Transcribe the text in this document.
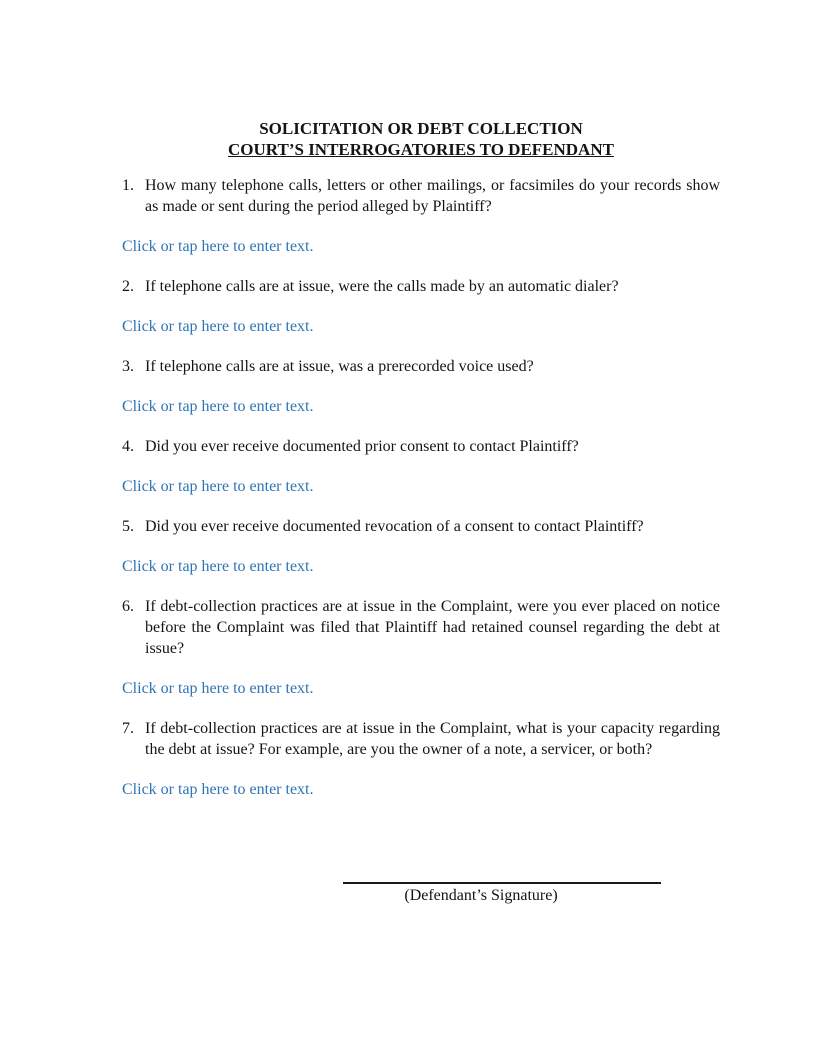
SOLICITATION OR DEBT COLLECTION
COURT’S INTERROGATORIES TO DEFENDANT
1. How many telephone calls, letters or other mailings, or facsimiles do your records show as made or sent during the period alleged by Plaintiff?
Click or tap here to enter text.
2. If telephone calls are at issue, were the calls made by an automatic dialer?
Click or tap here to enter text.
3. If telephone calls are at issue, was a prerecorded voice used?
Click or tap here to enter text.
4. Did you ever receive documented prior consent to contact Plaintiff?
Click or tap here to enter text.
5. Did you ever receive documented revocation of a consent to contact Plaintiff?
Click or tap here to enter text.
6. If debt-collection practices are at issue in the Complaint, were you ever placed on notice before the Complaint was filed that Plaintiff had retained counsel regarding the debt at issue?
Click or tap here to enter text.
7. If debt-collection practices are at issue in the Complaint, what is your capacity regarding the debt at issue? For example, are you the owner of a note, a servicer, or both?
Click or tap here to enter text.
(Defendant’s Signature)
